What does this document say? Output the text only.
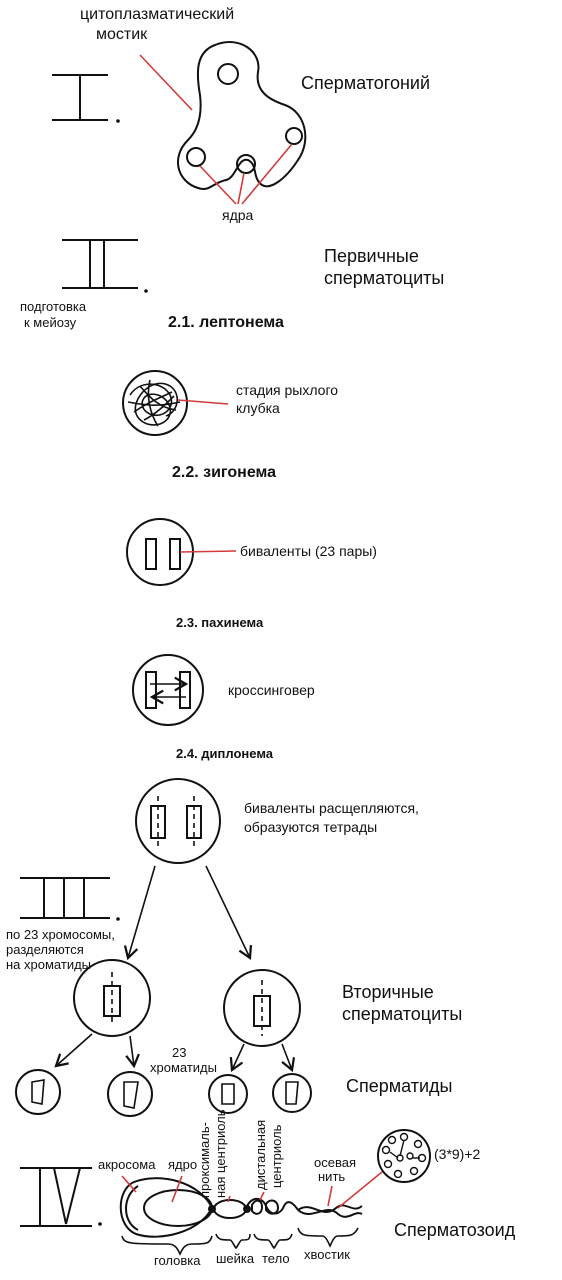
цитоплазматический
мостик
Сперматогоний
ядра
подготовка
к мейозу
Первичные
сперматоциты
2.1. лептонема
стадия рыхлого
клубка
2.2. зигонема
биваленты (23 пары)
2.3. пахинема
кроссинговер
2.4. диплонема
биваленты расщепляются,
образуются тетрады
по 23 хромосомы,
разделяются
на хроматиды
Вторичные
сперматоциты
23
хроматиды
Сперматиды
акросома ядро проксималь- ная центриоль дистальная центриоль осевая
нить
(3*9)+2
головка шейка тело хвостик
Сперматозоид
